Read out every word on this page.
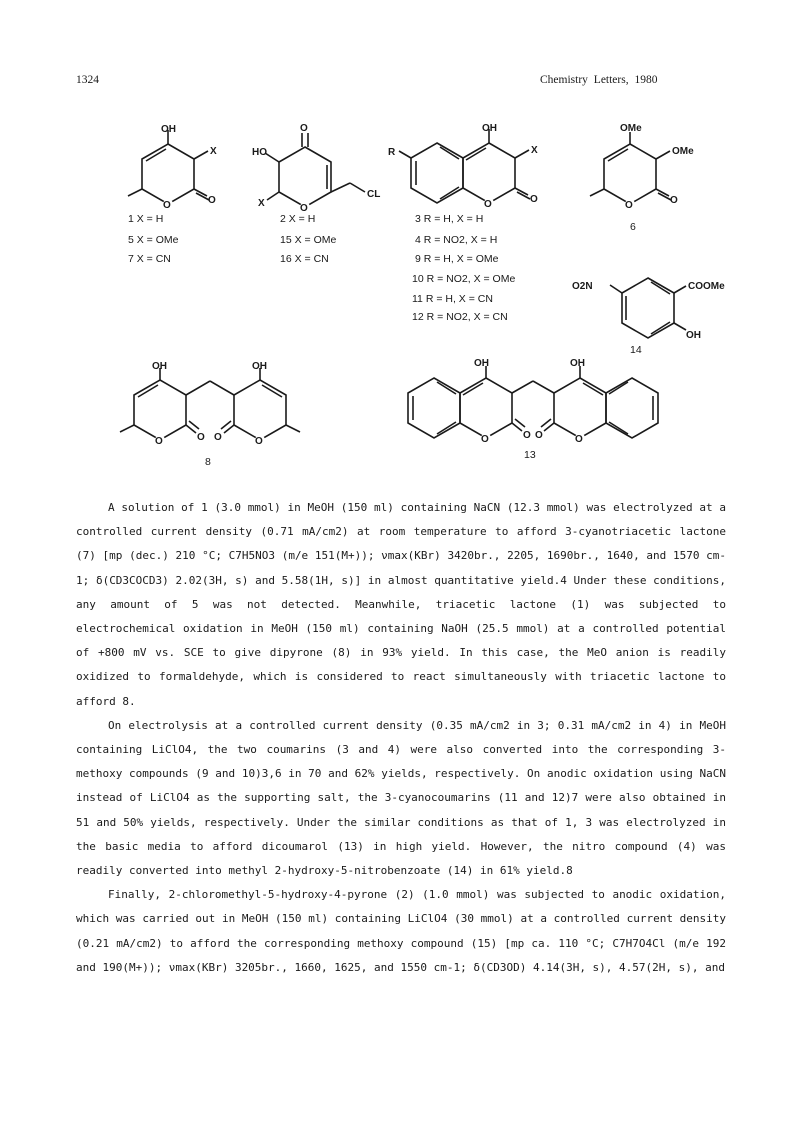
1324	Chemistry Letters, 1980
OH
X
O	O
1 X = H
5 X = OMe
7 X = CN
O
HO
X	O
CL
2 X = H
15 X = OMe
16 X = CN
OH
R	X
O	O
3 R = H, X = H
4 R = NO2, X = H
9 R = H, X = OMe
10 R = NO2, X = OMe
11 R = H, X = CN
12 R = NO2, X = CN
OMe
OMe
O	O
6
O2N	COOMe
OH
14
OH	OH
O	O O	O
8
OH	OH
O	O O	O
13

A solution of 1 (3.0 mmol) in MeOH (150 ml) containing NaCN (12.3 mmol) was electrolyzed at a controlled current density (0.71 mA/cm2) at room temperature to afford 3-cyanotriacetic lactone (7) [mp (dec.) 210 °C; C7H5NO3 (m/e 151(M+)); νmax(KBr) 3420br., 2205, 1690br., 1640, and 1570 cm-1; δ(CD3COCD3) 2.02(3H, s) and 5.58(1H, s)] in almost quantitative yield.4 Under these conditions, any amount of 5 was not detected. Meanwhile, triacetic lactone (1) was subjected to electrochemical oxidation in MeOH (150 ml) containing NaOH (25.5 mmol) at a controlled potential of +800 mV vs. SCE to give dipyrone (8) in 93% yield. In this case, the MeO anion is readily oxidized to formaldehyde, which is considered to react simultaneously with triacetic lactone to afford 8.

On electrolysis at a controlled current density (0.35 mA/cm2 in 3; 0.31 mA/cm2 in 4) in MeOH containing LiClO4, the two coumarins (3 and 4) were also converted into the corresponding 3-methoxy compounds (9 and 10)3,6 in 70 and 62% yields, respectively. On anodic oxidation using NaCN instead of LiClO4 as the supporting salt, the 3-cyanocoumarins (11 and 12)7 were also obtained in 51 and 50% yields, respectively. Under the similar conditions as that of 1, 3 was electrolyzed in the basic media to afford dicoumarol (13) in high yield. However, the nitro compound (4) was readily converted into methyl 2-hydroxy-5-nitrobenzoate (14) in 61% yield.8

Finally, 2-chloromethyl-5-hydroxy-4-pyrone (2) (1.0 mmol) was subjected to anodic oxidation, which was carried out in MeOH (150 ml) containing LiClO4 (30 mmol) at a controlled current density (0.21 mA/cm2) to afford the corresponding methoxy compound (15) [mp ca. 110 °C; C7H7O4Cl (m/e 192 and 190(M+)); νmax(KBr) 3205br., 1660, 1625, and 1550 cm-1; δ(CD3OD) 4.14(3H, s), 4.57(2H, s), and
